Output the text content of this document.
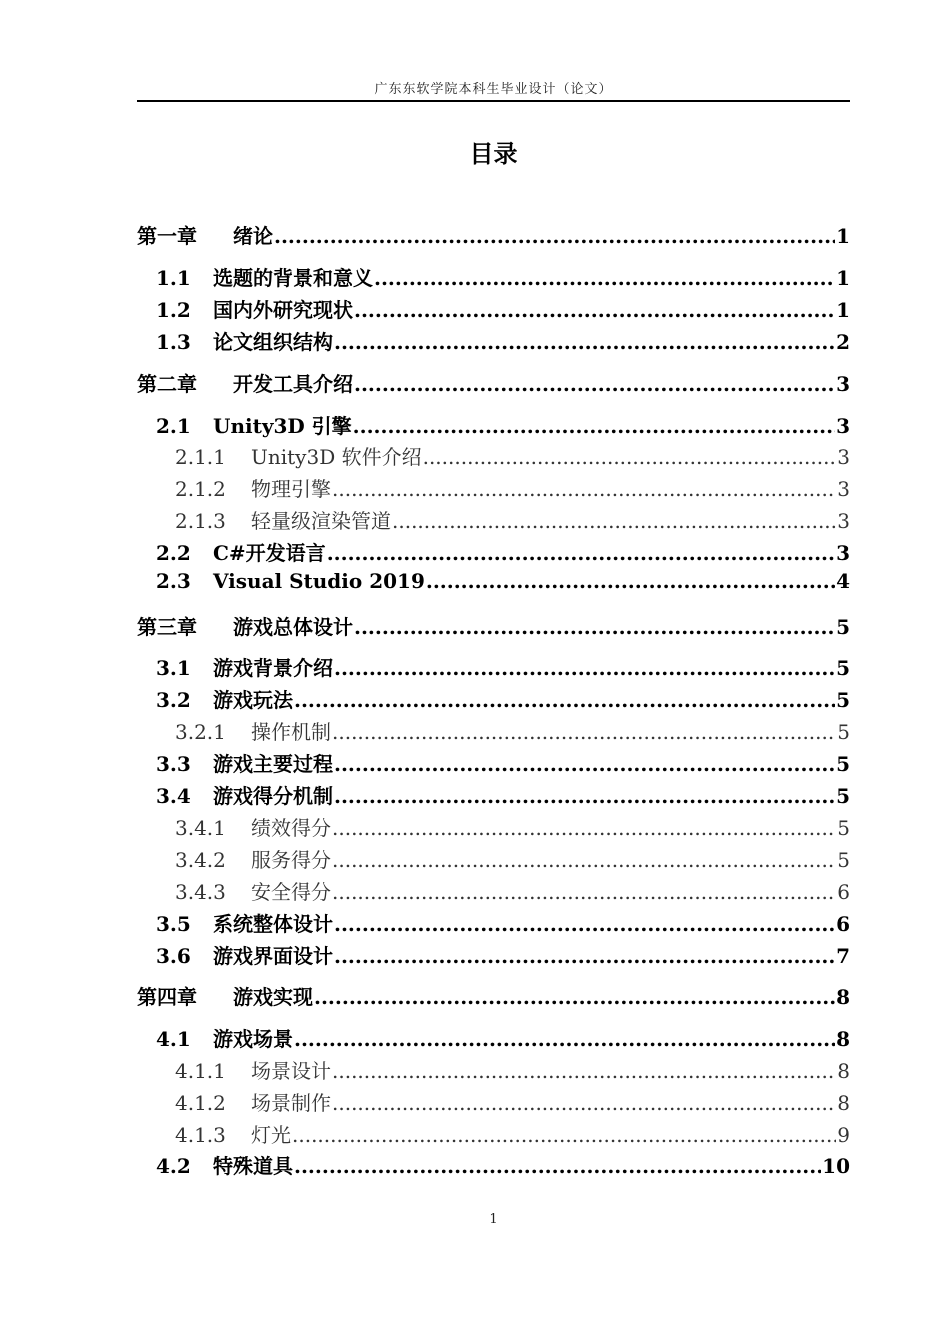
广东东软学院本科生毕业设计（论文）
目录
第一章	绪论 .....	1
1.1	选题的背景和意义 .....	1
1.2	国内外研究现状 .....	1
1.3	论文组织结构 .....	2
第二章	开发工具介绍 .....	3
2.1	Unity3D 引擎 .....	3
2.1.1	Unity3D 软件介绍 .....	3
2.1.2	物理引擎 .....	3
2.1.3	轻量级渲染管道 .....	3
2.2	C#开发语言 .....	3
2.3	Visual Studio 2019 .....	4
第三章	游戏总体设计 .....	5
3.1	游戏背景介绍 .....	5
3.2	游戏玩法 .....	5
3.2.1	操作机制 .....	5
3.3	游戏主要过程 .....	5
3.4	游戏得分机制 .....	5
3.4.1	绩效得分 .....	5
3.4.2	服务得分 .....	5
3.4.3	安全得分 .....	6
3.5	系统整体设计 .....	6
3.6	游戏界面设计 .....	7
第四章	游戏实现 .....	8
4.1	游戏场景 .....	8
4.1.1	场景设计 .....	8
4.1.2	场景制作 .....	8
4.1.3	灯光 .....	9
4.2	特殊道具 .....	10
1
